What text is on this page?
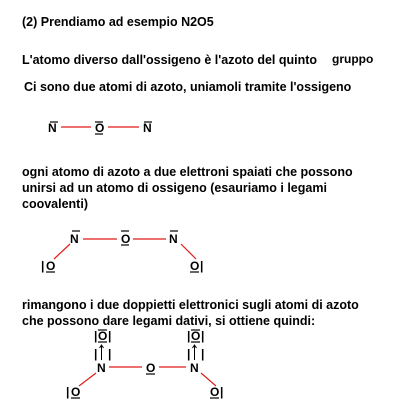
(2) Prendiamo ad esempio N2O5
L'atomo diverso dall'ossigeno è l'azoto del quinto gruppo
Ci sono due atomi di azoto, uniamoli tramite l'ossigeno
ogni atomo di azoto a due elettroni spaiati che possono
unirsi ad un atomo di ossigeno (esauriamo i legami
coovalenti)
rimangono i due doppietti elettronici sugli atomi di azoto
che possono dare legami dativi, si ottiene quindi:
N	O	N
N	O	N
| O	O |
| O |
| |
| O |
| |
N	O	N
| O	O |
